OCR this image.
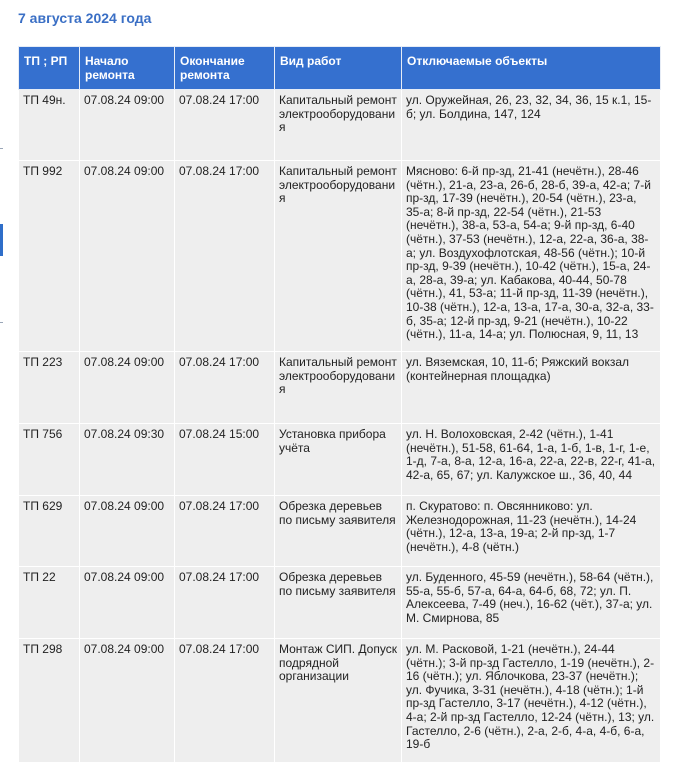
7 августа 2024 года
ТП ; РП	Начало ремонта	Окончание ремонта	Вид работ	Отключаемые объекты
ТП 49н.	07.08.24 09:00	07.08.24 17:00	Капитальный ремонт электрооборудования	ул. Оружейная, 26, 23, 32, 34, 36, 15 к.1, 15-б; ул. Болдина, 147, 124
ТП 992	07.08.24 09:00	07.08.24 17:00	Капитальный ремонт электрооборудования	Мясново: 6-й пр-зд, 21-41 (нечётн.), 28-46 (чётн.), 21-а, 23-а, 26-б, 28-б, 39-а, 42-а; 7-й пр-зд, 17-39 (нечётн.), 20-54 (чётн.), 23-а, 35-а; 8-й пр-зд, 22-54 (чётн.), 21-53 (нечётн.), 38-а, 53-а, 54-а; 9-й пр-зд, 6-40 (чётн.), 37-53 (нечётн.), 12-а, 22-а, 36-а, 38-а; ул. Воздухофлотская, 48-56 (чётн.); 10-й пр-зд, 9-39 (нечётн.), 10-42 (чётн.), 15-а, 24-а, 28-а, 39-а; ул. Кабакова, 40-44, 50-78 (чётн.), 41, 53-а; 11-й пр-зд, 11-39 (нечётн.), 10-38 (чётн.), 12-а, 13-а, 17-а, 30-а, 32-а, 33-б, 35-а; 12-й пр-зд, 9-21 (нечётн.), 10-22 (чётн.), 11-а, 14-а; ул. Полюсная, 9, 11, 13
ТП 223	07.08.24 09:00	07.08.24 17:00	Капитальный ремонт электрооборудования	ул. Вяземская, 10, 11-б; Ряжский вокзал (контейнерная площадка)
ТП 756	07.08.24 09:30	07.08.24 15:00	Установка прибора учёта	ул. Н. Волоховская, 2-42 (чётн.), 1-41 (нечётн.), 51-58, 61-64, 1-а, 1-б, 1-в, 1-г, 1-е, 1-д, 7-а, 8-а, 12-а, 16-а, 22-а, 22-в, 22-г, 41-а, 42-а, 65, 67; ул. Калужское ш., 36, 40, 44
ТП 629	07.08.24 09:00	07.08.24 17:00	Обрезка деревьев по письму заявителя	п. Скуратово: п. Овсянниково: ул. Железнодорожная, 11-23 (нечётн.), 14-24 (чётн.), 12-а, 13-а, 19-а; 2-й пр-зд, 1-7 (нечётн.), 4-8 (чётн.)
ТП 22	07.08.24 09:00	07.08.24 17:00	Обрезка деревьев по письму заявителя	ул. Буденного, 45-59 (нечётн.), 58-64 (чётн.), 55-а, 55-б, 57-а, 64-а, 64-б, 68, 72; ул. П. Алексеева, 7-49 (неч.), 16-62 (чёт.), 37-а; ул. М. Смирнова, 85
ТП 298	07.08.24 09:00	07.08.24 17:00	Монтаж СИП. Допуск подрядной организации	ул. М. Расковой, 1-21 (нечётн.), 24-44 (чётн.); 3-й пр-зд Гастелло, 1-19 (нечётн.), 2-16 (чётн.); ул. Яблочкова, 23-37 (нечётн.); ул. Фучика, 3-31 (нечётн.), 4-18 (чётн.); 1-й пр-зд Гастелло, 3-17 (нечётн.), 4-12 (чётн.), 4-а; 2-й пр-зд Гастелло, 12-24 (чётн.), 13; ул. Гастелло, 2-6 (чётн.), 2-а, 2-б, 4-а, 4-б, 6-а, 19-б
